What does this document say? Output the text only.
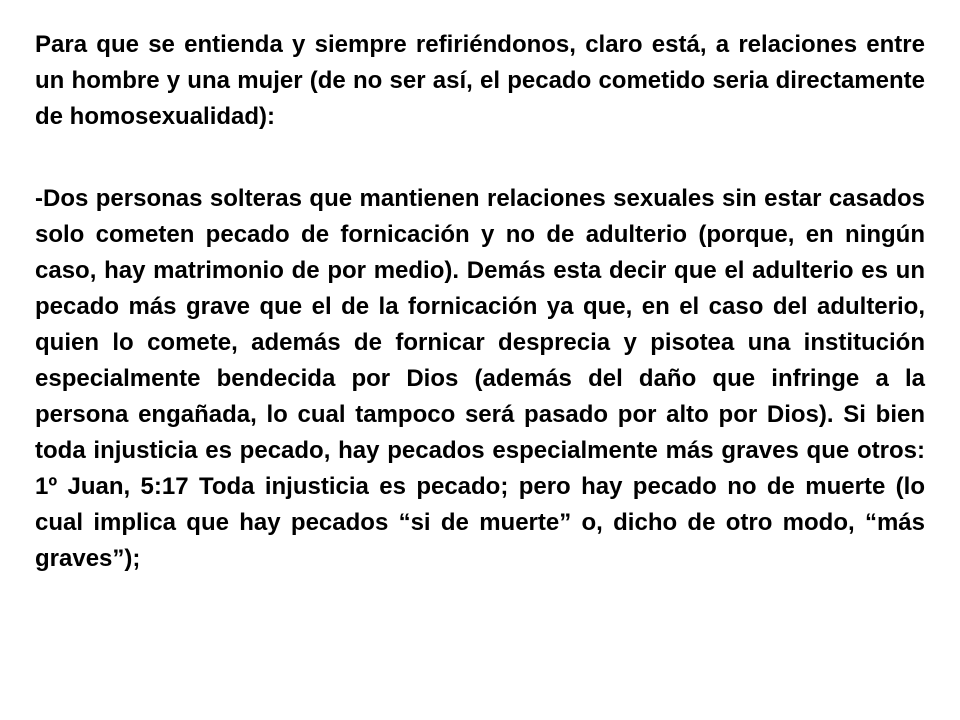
Para que se entienda y siempre refiriéndonos, claro está, a relaciones entre un hombre y una mujer (de no ser así, el pecado cometido seria directamente de homosexualidad):

-Dos personas solteras que mantienen relaciones sexuales sin estar casados solo cometen pecado de fornicación y no de adulterio (porque, en ningún caso, hay matrimonio de por medio). Demás esta decir que el adulterio es un pecado más grave que el de la fornicación ya que, en el caso del adulterio, quien lo comete, además de fornicar desprecia y pisotea una institución especialmente bendecida por Dios (además del daño que infringe a la persona engañada, lo cual tampoco será pasado por alto por Dios). Si bien toda injusticia es pecado, hay pecados especialmente más graves que otros: 1º Juan, 5:17 Toda injusticia es pecado; pero hay pecado no de muerte (lo cual implica que hay pecados “si de muerte” o, dicho de otro modo, “más graves”);
